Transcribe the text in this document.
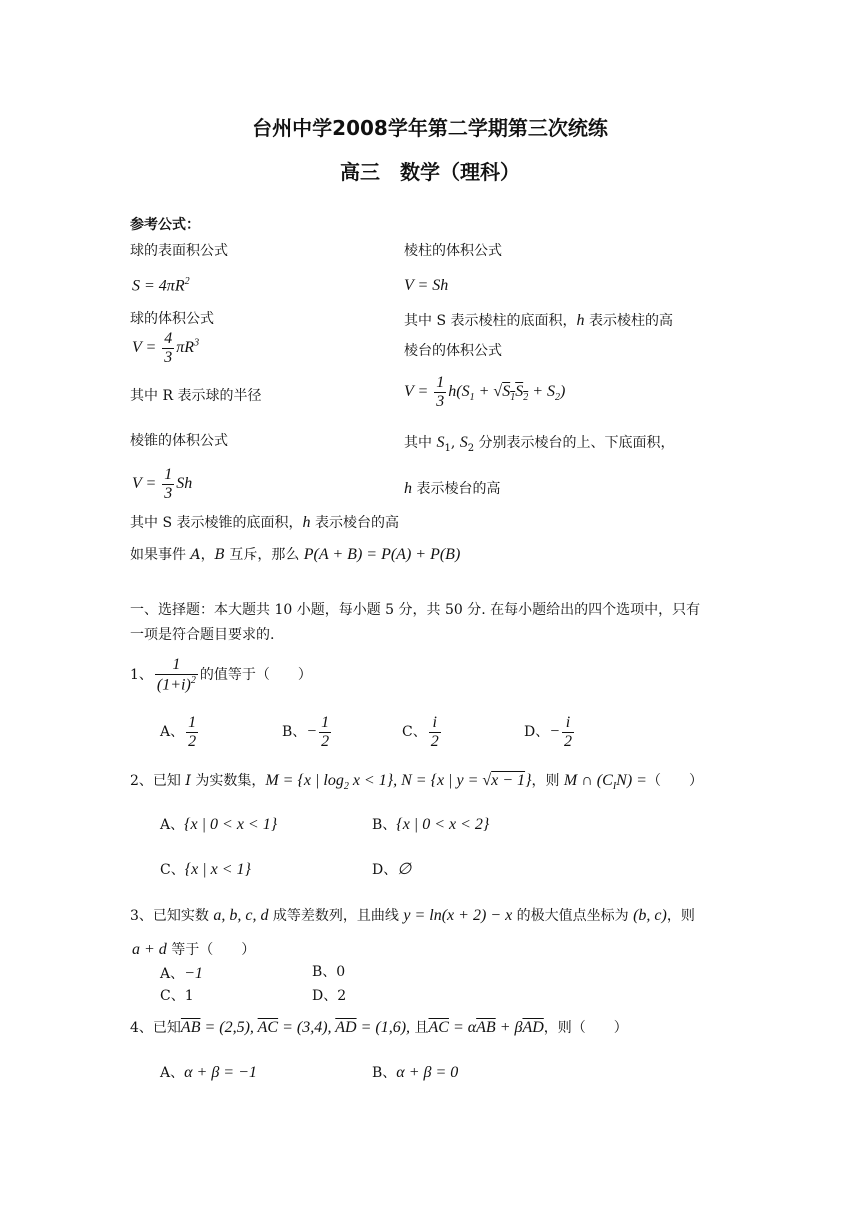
台州中学2008学年第二学期第三次统练
高三　数学（理科）
参考公式：
球的表面积公式	棱柱的体积公式
$S = 4\pi R^2$	V = Sh
球的体积公式	其中 S 表示棱柱的底面积，h 表示棱柱的高
$V = \frac{4}{3} \pi R^3$
棱台的体积公式
其中 R 表示球的半径	$V = \frac{1}{3} h(S_1 + √S_1S_2 + S_2)$
棱锥的体积公式	其中 $S_1$, $S_2$ 分别表示棱台的上、下底面积，
$V = \frac{1}{3}$ Sh	h 表示棱台的高
其中 S 表示棱锥的底面积，h 表示棱台的高
如果事件 A，B 互斥，那么 P(A + B) = P(A) + P(B)
一、选择题：本大题共 10 小题，每小题 5 分，共 50 分. 在每小题给出的四个选项中，只有
一项是符合题目要求的.
1、 $\frac{1}{(1+i)^2}$ 的值等于（　　）
A、 $\frac{1}{2}$	B、− $\frac{1}{2}$	C、 $\frac{i}{2}$	D、− $\frac{i}{2}$
2、已知 I 为实数集，M = {x | $\log_2 x < 1$}, N = {x | y = √x − 1}，则 M ∩ $(C_IN)$ =（　　）
A、{x | 0 < x < 1}	B、{x | 0 < x < 2}
C、{x | x < 1}	D、∅
3、已知实数 a, b, c, d 成等差数列，且曲线 y = ln(x + 2) − x 的极大值点坐标为 (b, c)，则
a + d 等于（　　）
A、−1	B、0
C、1	D、2
4、已知$\overline{AB} = (2,5)$, $\overline{AC} = (3,4)$, $\overline{AD} = (1,6)$, 且$\overline{AC} = \alpha\overline{AB} + \beta\overline{AD}$，则（　　）
A、α + β = −1	B、α + β = 0
